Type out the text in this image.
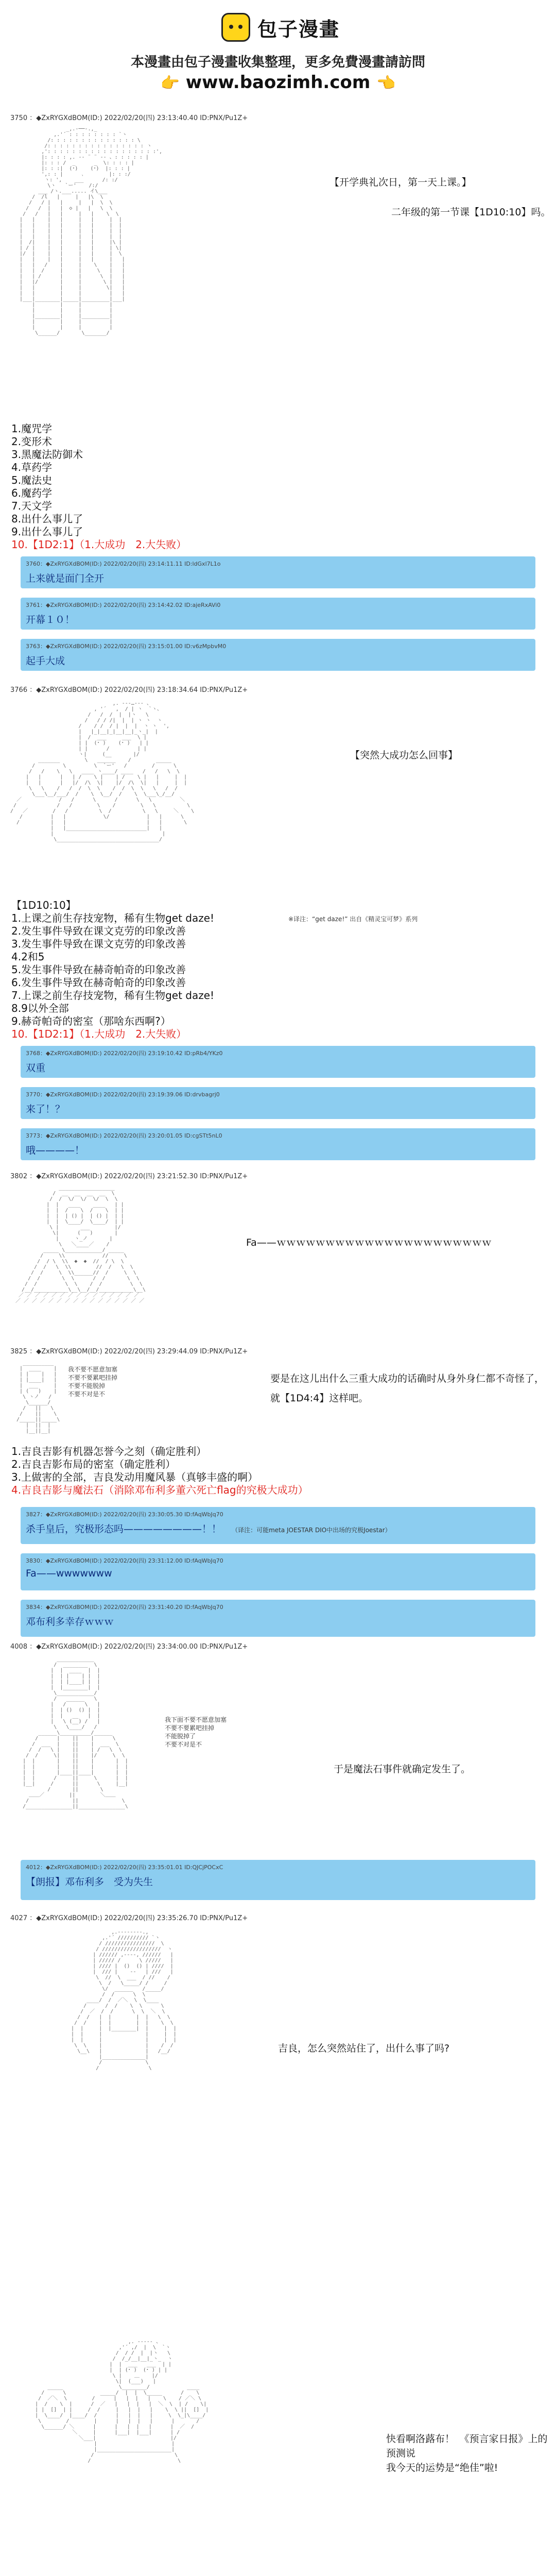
包子漫畫
本漫畫由包子漫畫收集整理，更多免費漫畫請訪問
👉 www.baozimh.com 👈
3750 ：◆ZxRYGXdBOM(ID:) 2022/02/20(四) 23:13:40.40 ID:PNX/Pu1Z+
_,.-──-.,_
,.'´ : : : : : : : : `ヽ
/: : : : : : : : : : : : : : \
/: : : : : : : : : : : : : : : : ヽ
,': : : : : : : : : : : : : : : : : :',
|: : : : ,. -‐ ¨ ¨ ‐- 、: : : : : |
|: : : /  _      _  \: : : : |
|: : :|  (･)    (･)  |: : : |
',: : |      ､        |: : :/
ヽ: ',    ___      /: :/
\ヽ   `ー'    /:/
___ /ヽ.___..... イ\___
/  /l   |     |   |\  \
/   / |   |     |   |  \  \
/   /  |   |  ◇ |   |   \  \
/   /   |   |     |   |    \  \
|   |    |   |     |   |     |  |
|   |    |   |     |   |     |  |
|   |    |   |     |   |     |  |
|   |    |   |     |   |     |  |
|  /|    |   |     |   |     |\ |
| / |    |   |     |   |     | \|
|/  |    |   |     |   |     |  \
|   |    |   |     |   |     |   |
|   |   /    |     |    \    |   |
|   |  /     |     |     \   |   |
|   | /      |     |      \  |   |
|   |/       |     |       \ |   |
|   |        |     |        \|   |
|   |        |     |         |   |
|___|________|_____|_________|___|
|        |     |         |
|        |     |         |
|________|     |_________|
|        |     |         |
|        |     |         |
\______/       \_______/
【开学典礼次日，第一天上课。】
二年级的第一节课【1D10:10】吗。
1.魔咒学
2.变形术
3.黑魔法防御术
4.草药学
5.魔法史
6.魔药学
7.天文学
8.出什么事儿了
9.出什么事儿了
10.【1D2:1】（1.大成功　2.大失败）
3760：◆ZxRYGXdBOM(ID:) 2022/02/20(四) 23:14:11.11 ID:ldGxl7L1o
上来就是面门全开
3761：◆ZxRYGXdBOM(ID:) 2022/02/20(四) 23:14:42.02 ID:ajeRxAVi0
开幕１０！
3763：◆ZxRYGXdBOM(ID:) 2022/02/20(四) 23:15:01.00 ID:v6zMpbvM0
起手大成
3766 ：◆ZxRYGXdBOM(ID:) 2022/02/20(四) 23:18:34.64 ID:PNX/Pu1Z+
,. -‐‐…‐‐- 、
, '´   ,  / | ヽ  `ヽ、
/   /  /  |  |ヽ   \
/   / / /|  |  | ヽ ヽ  ヽ
/    / /  / |  |  |  ヽ ヽ  ',
|   |_|__|_|__|__|_ヽ_|  |
|  /  ___     ___  \ |
| |  (･ )    (･ )   | |
| |      /         | |
ヽ|     (__       |/
_______        \   ______    /        _____
/         \         \  `ー'   /        /      \
/   /    \   \   ____ ヽ____/ ____   /   /   \  \
|   |      |   | /    \ |    | /    \ |   |     |  |
|   |      |   |/  /\  \|    |/  /\  \|   |     |  |
\   \    /   /  /  \  \    /  /  \  \   \   /  /
\___\__/___/  /    \  \__/  /    \  \___\_/__/
／            /   /      \      /      \   \         ＼
/             /   /        \    /        \   \          \
/   ／        /   /          \  /          \   \     ＼    \
/         |   |            \/            |   |      \
/          |   |                          |   |       \
|   |__________________________|   |
|                                   |
\_________________________________/
【突然大成功怎么回事】
【1D10:10】
1.上课之前生存技宠物，稀有生物get daze!
2.发生事件导致在课文克劳的印象改善
3.发生事件导致在课文克劳的印象改善
4.2和5
5.发生事件导致在赫奇帕奇的印象改善
6.发生事件导致在赫奇帕奇的印象改善
7.上课之前生存技宠物，稀有生物get daze!
8.9以外全部
9.赫奇帕奇的密室（那啥东西啊?）
10.【1D2:1】（1.大成功　2.大失败）
※译注：“get daze!” 出自《精灵宝可梦》系列
3768：◆ZxRYGXdBOM(ID:) 2022/02/20(四) 23:19:10.42 ID:pRb4/YKz0
双重
3770：◆ZxRYGXdBOM(ID:) 2022/02/20(四) 23:19:39.06 ID:drvbagrj0
来了！？
3773：◆ZxRYGXdBOM(ID:) 2022/02/20(四) 23:20:01.05 ID:cgSTt5nL0
哦————！
3802 ：◆ZxRYGXdBOM(ID:) 2022/02/20(四) 23:21:52.30 ID:PNX/Pu1Z+
__________________
/  __  __  __  __  \
/  /  \/  \/  \/  \  \
|  |   ____    ____   | |
|  |  /    \  /    \  | |
|  |  | () |  | () |  | |
|  |  \____/  \____/  | |
\ |       ___        |/
\|      (   )       |
|     ヽ_ノ       |
\   ＼____／    /
_____ \____________/ _____
/     \\            //     \
/  / \  \\  ◆  ◆  //  / \  \
/  /   \  \\        //  /   \  \
/  /     \  \\______//  /     \  \
/  /       \  \      /  /       \  \
/  /         \  \    /  /         \  \
/__/___________\__\__/__/___________\__\
／ ／ ／ ／ ／ ／ ／ ／ ／ ／ ／ ／ ／ ／ ／
／ ／ ／ ／ ／ ／ ／ ／ ／ ／ ／ ／ ／ ／ ／ ／
Fa——ｗｗｗｗｗｗｗｗｗｗｗｗｗｗｗｗｗｗｗｗｗｗ
3825 ：◆ZxRYGXdBOM(ID:) 2022/02/20(四) 23:29:44.09 ID:PNX/Pu1Z+
__________
|  ____    |
| |    |   |
| |____|   |
|  ___     |
| (   )    |
\ ヽノ   /
\______/
/   ||   \
/    ||    \
/_____||_____\
|  ||  |
|__||__|
我不要不愿意加塞
不要不要累吧挂掉
不要不能脱掉
不要不对是不
要是在这儿出什么三重大成功的话确时从身外身仁都不奇怪了，
就【1D4:4】这样吧。
1.吉良吉影有机器怎誉今之刻（确定胜利）
2.吉良吉影布局的密室（确定胜利）
3.上做害的全部，吉良发动用魔风暴（真够丰盛的啊）
4.吉良吉影与魔法石（消除邓布利多董六死亡flag的究极大成功）
3827：◆ZxRYGXdBOM(ID:) 2022/02/20(四) 23:30:05.30 ID:fAqWbJq70
杀手皇后，究极形态吗————————！！ （译注：可能meta JOESTAR DIO中出场的究极Joestar）
3830：◆ZxRYGXdBOM(ID:) 2022/02/20(四) 23:31:12.00 ID:fAqWbJq70
Fa——wwwwwww
3834：◆ZxRYGXdBOM(ID:) 2022/02/20(四) 23:31:40.20 ID:fAqWbJq70
邓布利多幸存ｗｗｗ
4008 ：◆ZxRYGXdBOM(ID:) 2022/02/20(四) 23:34:00.00 ID:PNX/Pu1Z+
____________
/  ________  \
|  |  ____  |  |
|  | |    | |  |
|  | |____| |  |
|  |________|  |
\____________/
/   ______   \
|   /      \   |
|  | ()  () |  |
|  |   __   |  |
|   \ (__) /   |
\   \____/   /
______\__________/______
/      |    ||    |      \
/  ___  |    ||    |  ___  \
/  /   \ |    ||    | /   \  \
/  /     \|    ||    |/     \  \
|  |       |    ||    |       |  |
|  |       |    ||    |       |  |
|  |       |____||____|       |  |
|  |      /     ||     \      |  |
|__|     /      ||      \     |__|
/       ||       \
＿＿／        ||        ＼＿＿
/              ||              \
/_______________||_______________\
我下面不要不愿意加塞
不要不要累吧挂掉
不能脱掉了
不要不对是不
于是魔法石事件就确定发生了。
4012：◆ZxRYGXdBOM(ID:) 2022/02/20(四) 23:35:01.01 ID:QJCjPOCxC
【朗报】邓布利多　受为失生
4027 ：◆ZxRYGXdBOM(ID:) 2022/02/20(四) 23:35:26.70 ID:PNX/Pu1Z+
,.-‐‐‐‐‐‐-.,
,.'´ ////////// `ヽ
/ ////////////////  \
/ ///////////////////  ヽ
| ////// ,-‐‐-, //////   |
| ///// /      \ /////   |
| //// |  ()  () | ////  |
|  /// |    ‐‐   | ///   |
\  //  \  ___  / //    /
\  /   \_____/ /     /
\/  ______   /_____/
/  /      \  \
____/  /  ／＼  \  \____
/      /  /    \  \      \
/  ／  /  /      \  \  ＼  \
/  /   |  |        |  |   \  \
/  /    |  |        |  |    \  \
|  |     |  |________|  |     |  |
|  |     |              |     |  |
|  |     |              |     |  |
\  \    |              |    /  /
\__\   |              |   /__/
|______________|
/              \
/                \
吉良，怎么突然站住了，出什么事了吗?
,. -‐‐‐- 、
,'´ ,/  |  \  `ヽ
/  / /  |  |ヽ   \
/  /_/__|__|_ヽ_  ヽ
|  |  ___   ___  | |
|  | (･ )  (･ ) | |
\ |    ＿    |/
\|  (___)   |
_____                  \________/            ____
/      \           _____/  |  |  \_____      /    \
/  ／＼  \        /      |   |  |   |    \    / ／＼ \
|  /    \  |      /  ／   |   |  |   |  ＼  \  | /    \|
| |  []  | |     /  /     |   |  |   |    \  \ ||  []  |
|  \____/  |____/  /      |   |  |   |     \  \_|\____/
\        /        |      |   |  |   |      |       /
\______/ ＼      |      |   |  |   |      |  ／  /
＼     |      |___|  |___|      | /
＼___|                        |/
|                        |
|________________________|
/                          \
/                            \
快看啊洛蕗布！　《预言家日报》上的预测说
我今天的运势是“绝佳”啦!
